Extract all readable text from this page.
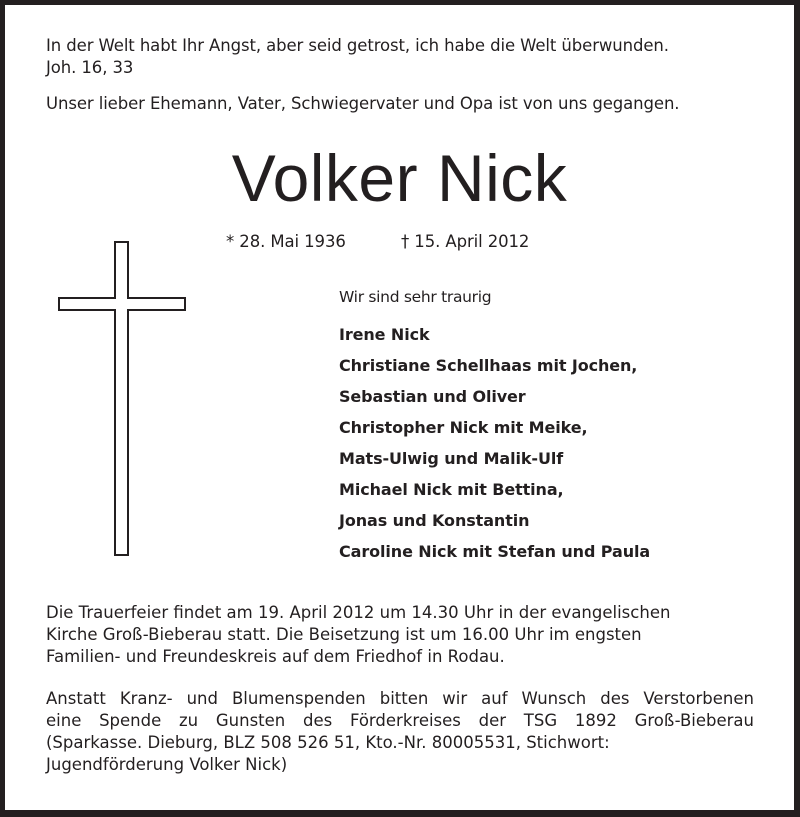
In der Welt habt Ihr Angst, aber seid getrost, ich habe die Welt überwunden.
Joh. 16, 33
Unser lieber Ehemann, Vater, Schwiegervater und Opa ist von uns gegangen.
Volker Nick
* 28. Mai 1936	† 15. April 2012
Wir sind sehr traurig
Irene Nick
Christiane Schellhaas mit Jochen,
Sebastian und Oliver
Christopher Nick mit Meike,
Mats-Ulwig und Malik-Ulf
Michael Nick mit Bettina,
Jonas und Konstantin
Caroline Nick mit Stefan und Paula

Die Trauerfeier findet am 19. April 2012 um 14.30 Uhr in der evangelischen
Kirche Groß-Bieberau statt. Die Beisetzung ist um 16.00 Uhr im engsten
Familien- und Freundeskreis auf dem Friedhof in Rodau.

Anstatt Kranz- und Blumenspenden bitten wir auf Wunsch des Verstorbenen
eine Spende zu Gunsten des Förderkreises der TSG 1892 Groß-Bieberau
(Sparkasse. Dieburg, BLZ 508 526 51, Kto.-Nr. 80005531, Stichwort:
Jugendförderung Volker Nick)
